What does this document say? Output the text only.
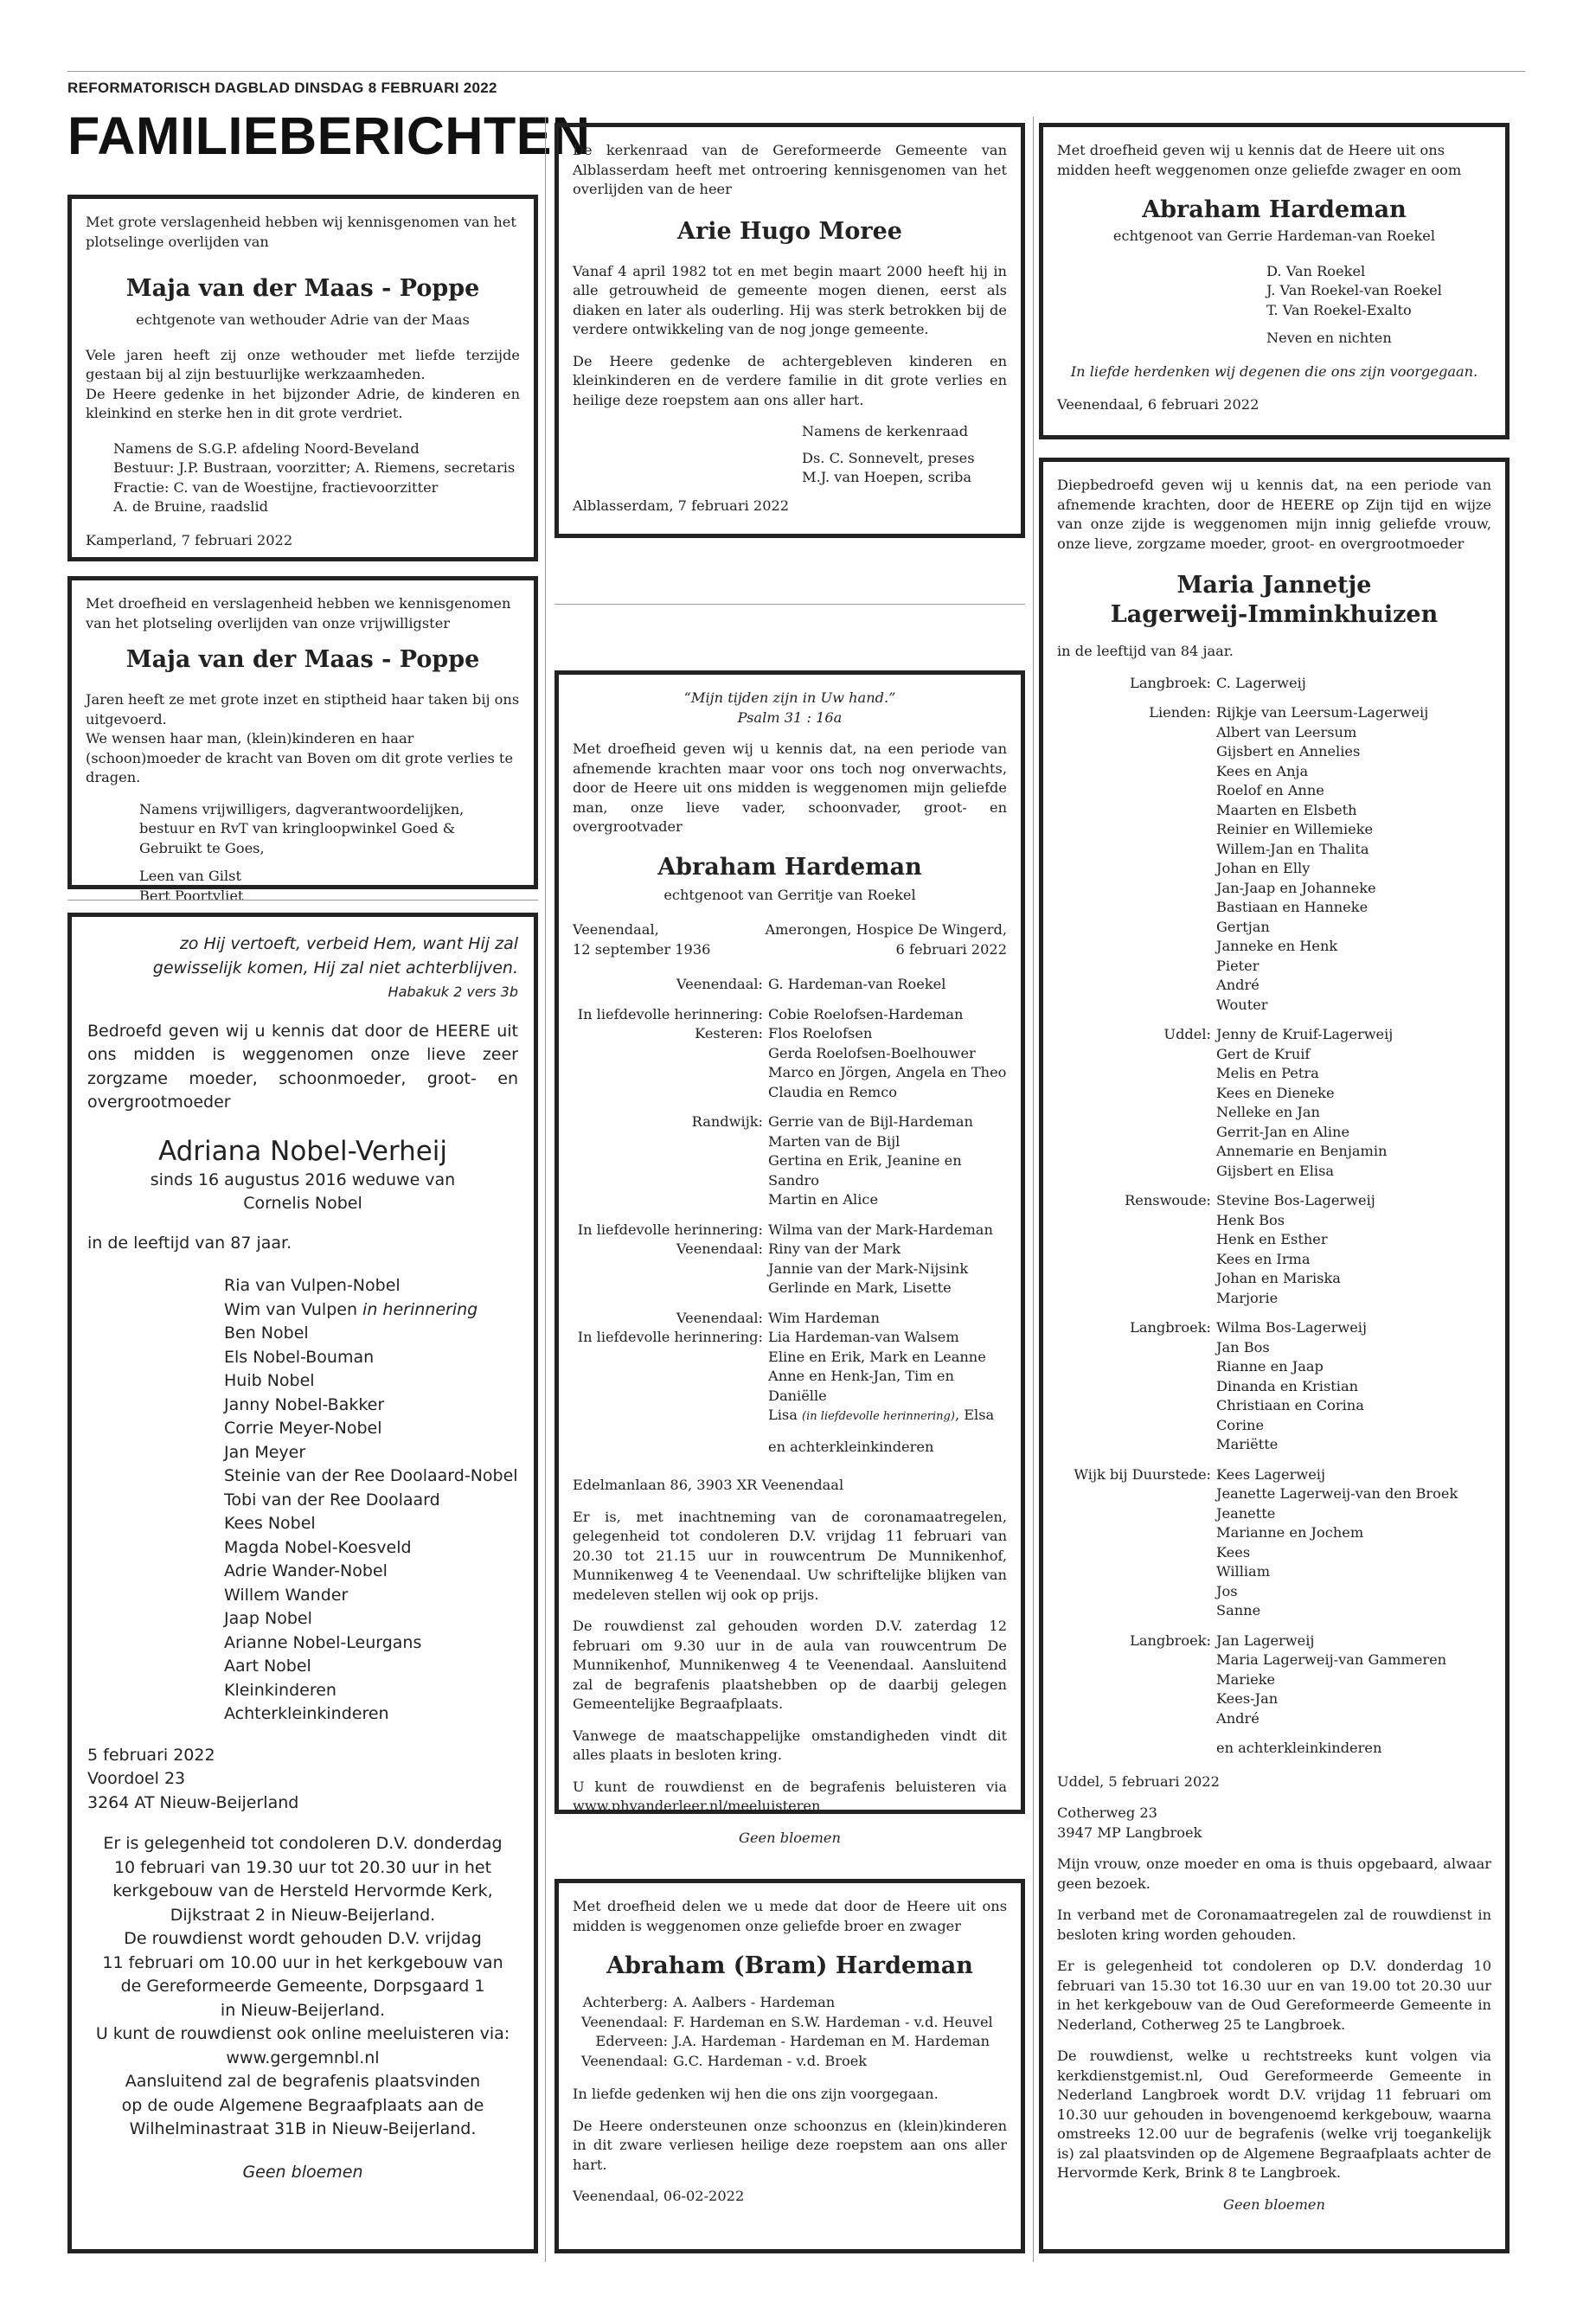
REFORMATORISCH DAGBLAD DINSDAG 8 FEBRUARI 2022
FAMILIEBERICHTEN

Met grote verslagenheid hebben wij kennisgenomen van het plotselinge overlijden van

Maja van der Maas - Poppe
echtgenote van wethouder Adrie van der Maas
Vele jaren heeft zij onze wethouder met liefde terzijde gestaan bij al zijn bestuurlijke werkzaamheden.

De Heere gedenke in het bijzonder Adrie, de kinderen en kleinkind en sterke hen in dit grote verdriet.

Namens de S.G.P. afdeling Noord-Beveland
Bestuur: J.P. Bustraan, voorzitter; A. Riemens, secretaris
Fractie: C. van de Woestijne, fractievoorzitter
A. de Bruine, raadslid
Kamperland, 7 februari 2022

Met droefheid en verslagenheid hebben we kennisgenomen van het plotseling overlijden van onze vrijwilligster

Maja van der Maas - Poppe
Jaren heeft ze met grote inzet en stiptheid haar taken bij ons uitgevoerd.

We wensen haar man, (klein)kinderen en haar (schoon)moeder de kracht van Boven om dit grote verlies te dragen.

Namens vrijwilligers, dagverantwoordelijken, bestuur en RvT van kringloopwinkel Goed & Gebruikt te Goes,

Leen van Gilst
Bert Poortvliet
zo Hij vertoeft, verbeid Hem, want Hij zal gewisselijk komen, Hij zal niet achterblijven.
Habakuk 2 vers 3b

Bedroefd geven wij u kennis dat door de HEERE uit ons midden is weggenomen onze lieve zeer zorgzame moeder, schoonmoeder, groot- en overgrootmoeder

Adriana Nobel-Verheij
sinds 16 augustus 2016 weduwe van
Cornelis Nobel

in de leeftijd van 87 jaar.

Ria van Vulpen-Nobel
Wim van Vulpen in herinnering
Ben Nobel
Els Nobel-Bouman
Huib Nobel
Janny Nobel-Bakker
Corrie Meyer-Nobel
Jan Meyer
Steinie van der Ree Doolaard-Nobel
Tobi van der Ree Doolaard
Kees Nobel
Magda Nobel-Koesveld
Adrie Wander-Nobel
Willem Wander
Jaap Nobel
Arianne Nobel-Leurgans
Aart Nobel
Kleinkinderen
Achterkleinkinderen
5 februari 2022
Voordoel 23
3264 AT Nieuw-Beijerland
Er is gelegenheid tot condoleren D.V. donderdag
10 februari van 19.30 uur tot 20.30 uur in het
kerkgebouw van de Hersteld Hervormde Kerk,
Dijkstraat 2 in Nieuw-Beijerland.
De rouwdienst wordt gehouden D.V. vrijdag
11 februari om 10.00 uur in het kerkgebouw van
de Gereformeerde Gemeente, Dorpsgaard 1
in Nieuw-Beijerland.
U kunt de rouwdienst ook online meeluisteren via:
www.gergemnbl.nl
Aansluitend zal de begrafenis plaatsvinden
op de oude Algemene Begraafplaats aan de
Wilhelminastraat 31B in Nieuw-Beijerland.
Geen bloemen

De kerkenraad van de Gereformeerde Gemeente van Alblasserdam heeft met ontroering kennisgenomen van het overlijden van de heer

Arie Hugo Moree

Vanaf 4 april 1982 tot en met begin maart 2000 heeft hij in alle getrouwheid de gemeente mogen dienen, eerst als diaken en later als ouderling. Hij was sterk betrokken bij de verdere ontwikkeling van de nog jonge gemeente.

De Heere gedenke de achtergebleven kinderen en kleinkinderen en de verdere familie in dit grote verlies en heilige deze roepstem aan ons aller hart.

Namens de kerkenraad

Ds. C. Sonnevelt, preses
M.J. van Hoepen, scriba
Alblasserdam, 7 februari 2022
“Mijn tijden zijn in Uw hand.”
Psalm 31 : 16a

Met droefheid geven wij u kennis dat, na een periode van afnemende krachten maar voor ons toch nog onverwachts, door de Heere uit ons midden is weggenomen mijn geliefde man, onze lieve vader, schoonvader, groot- en overgrootvader

Abraham Hardeman
echtgenoot van Gerritje van Roekel
Veenendaal,
12 september 1936
Amerongen, Hospice De Wingerd,
6 februari 2022
Veenendaal:	G. Hardeman-van Roekel

In liefdevolle herinnering:	Cobie Roelofsen-Hardeman
Kesteren:	Flos Roelofsen
	Gerda Roelofsen-Boelhouwer
	Marco en Jörgen, Angela en Theo
	Claudia en Remco

Randwijk:	Gerrie van de Bijl-Hardeman
	Marten van de Bijl
	Gertina en Erik, Jeanine en Sandro
	Martin en Alice

In liefdevolle herinnering:	Wilma van der Mark-Hardeman
Veenendaal:	Riny van der Mark
	Jannie van der Mark-Nijsink
	Gerlinde en Mark, Lisette

Veenendaal:	Wim Hardeman
In liefdevolle herinnering:	Lia Hardeman-van Walsem
	Eline en Erik, Mark en Leanne
	Anne en Henk-Jan, Tim en Daniëlle
	Lisa (in liefdevolle herinnering), Elsa

	en achterkleinkinderen

Edelmanlaan 86, 3903 XR Veenendaal

Er is, met inachtneming van de coronamaatregelen, gelegenheid tot condoleren D.V. vrijdag 11 februari van 20.30 tot 21.15 uur in rouwcentrum De Munnikenhof, Munnikenweg 4 te Veenendaal. Uw schriftelijke blijken van medeleven stellen wij ook op prijs.

De rouwdienst zal gehouden worden D.V. zaterdag 12 februari om 9.30 uur in de aula van rouwcentrum De Munnikenhof, Munnikenweg 4 te Veenendaal. Aansluitend zal de begrafenis plaatshebben op de daarbij gelegen Gemeentelijke Begraafplaats.

Vanwege de maatschappelijke omstandigheden vindt dit alles plaats in besloten kring.

U kunt de rouwdienst en de begrafenis beluisteren via www.phvanderleer.nl/meeluisteren

Geen bloemen

Met droefheid delen we u mede dat door de Heere uit ons midden is weggenomen onze geliefde broer en zwager

Abraham (Bram) Hardeman
Achterberg:	A. Aalbers - Hardeman
Veenendaal:	F. Hardeman en S.W. Hardeman - v.d. Heuvel
Ederveen:	J.A. Hardeman - Hardeman en M. Hardeman
Veenendaal:	G.C. Hardeman - v.d. Broek

In liefde gedenken wij hen die ons zijn voorgegaan.

De Heere ondersteunen onze schoonzus en (klein)kinderen in dit zware verliesen heilige deze roepstem aan ons aller hart.

Veenendaal, 06-02-2022

Met droefheid geven wij u kennis dat de Heere uit ons midden heeft weggenomen onze geliefde zwager en oom

Abraham Hardeman
echtgenoot van Gerrie Hardeman-van Roekel
D. Van Roekel
J. Van Roekel-van Roekel
T. Van Roekel-Exalto
Neven en nichten
In liefde herdenken wij degenen die ons zijn voorgegaan.
Veenendaal, 6 februari 2022

Diepbedroefd geven wij u kennis dat, na een periode van afnemende krachten, door de HEERE op Zijn tijd en wijze van onze zijde is weggenomen mijn innig geliefde vrouw, onze lieve, zorgzame moeder, groot- en overgrootmoeder

Maria Jannetje
Lagerweij-Imminkhuizen

in de leeftijd van 84 jaar.

Langbroek:	C. Lagerweij

Lienden:	Rijkje van Leersum-Lagerweij
	Albert van Leersum
	Gijsbert en Annelies
	Kees en Anja
	Roelof en Anne
	Maarten en Elsbeth
	Reinier en Willemieke
	Willem-Jan en Thalita
	Johan en Elly
	Jan-Jaap en Johanneke
	Bastiaan en Hanneke
	Gertjan
	Janneke en Henk
	Pieter
	André
	Wouter

Uddel:	Jenny de Kruif-Lagerweij
	Gert de Kruif
	Melis en Petra
	Kees en Dieneke
	Nelleke en Jan
	Gerrit-Jan en Aline
	Annemarie en Benjamin
	Gijsbert en Elisa

Renswoude:	Stevine Bos-Lagerweij
	Henk Bos
	Henk en Esther
	Kees en Irma
	Johan en Mariska
	Marjorie

Langbroek:	Wilma Bos-Lagerweij
	Jan Bos
	Rianne en Jaap
	Dinanda en Kristian
	Christiaan en Corina
	Corine
	Mariëtte

Wijk bij Duurstede:	Kees Lagerweij
	Jeanette Lagerweij-van den Broek
	Jeanette
	Marianne en Jochem
	Kees
	William
	Jos
	Sanne

Langbroek:	Jan Lagerweij
	Maria Lagerweij-van Gammeren
	Marieke
	Kees-Jan
	André

	en achterkleinkinderen

Uddel, 5 februari 2022

Cotherweg 23

3947 MP Langbroek

Mijn vrouw, onze moeder en oma is thuis opgebaard, alwaar geen bezoek.

In verband met de Coronamaatregelen zal de rouwdienst in besloten kring worden gehouden.

Er is gelegenheid tot condoleren op D.V. donderdag 10 februari van 15.30 tot 16.30 uur en van 19.00 tot 20.30 uur in het kerkgebouw van de Oud Gereformeerde Gemeente in Nederland, Cotherweg 25 te Langbroek.

De rouwdienst, welke u rechtstreeks kunt volgen via kerkdienstgemist.nl, Oud Gereformeerde Gemeente in Nederland Langbroek wordt D.V. vrijdag 11 februari om 10.30 uur gehouden in bovengenoemd kerkgebouw, waarna omstreeks 12.00 uur de begrafenis (welke vrij toegankelijk is) zal plaatsvinden op de Algemene Begraafplaats achter de Hervormde Kerk, Brink 8 te Langbroek.

Geen bloemen
